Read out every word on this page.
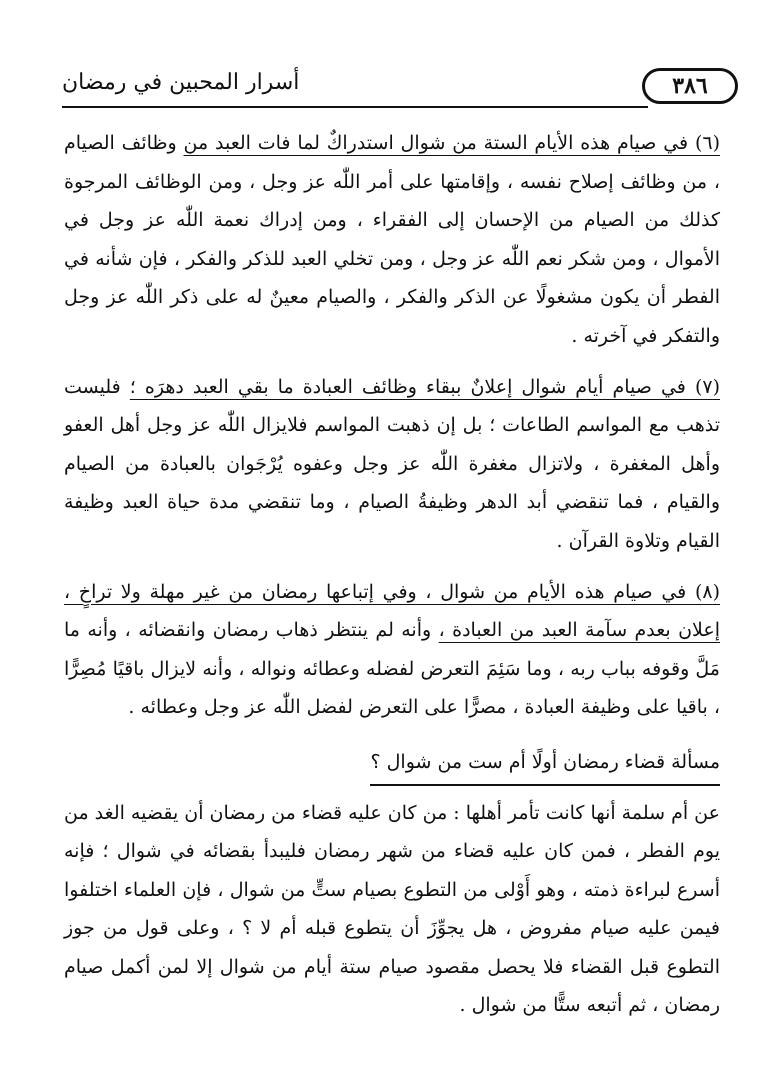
٣٨٦
أسرار المحبين في رمضان

(٦) في صيام هذه الأيام الستة من شوال استدراكٌ لما فات العبد من وظائف الصيام ، من وظائف إصلاح نفسه ، وإقامتها على أمر اللّٰه عز وجل ، ومن الوظائف المرجوة كذلك من الصيام من الإحسان إلى الفقراء ، ومن إدراك نعمة اللّٰه عز وجل في الأموال ، ومن شكر نعم اللّٰه عز وجل ، ومن تخلي العبد للذكر والفكر ، فإن شأنه في الفطر أن يكون مشغولًا عن الذكر والفكر ، والصيام معينٌ له على ذكر اللّٰه عز وجل والتفكر في آخرته .

(٧) في صيام أيام شوال إعلانٌ ببقاء وظائف العبادة ما بقي العبد دهرَه ؛ فليست تذهب مع المواسم الطاعات ؛ بل إن ذهبت المواسم فلايزال اللّٰه عز وجل أهل العفو وأهل المغفرة ، ولاتزال مغفرة اللّٰه عز وجل وعفوه يُرْجَوان بالعبادة من الصيام والقيام ، فما تنقضي أبد الدهر وظيفةُ الصيام ، وما تنقضي مدة حياة العبد وظيفة القيام وتلاوة القرآن .

(٨) في صيام هذه الأيام من شوال ، وفي إتباعها رمضان من غير مهلة ولا تراخٍ ، إعلان بعدم سآمة العبد من العبادة ، وأنه لم ينتظر ذهاب رمضان وانقضائه ، وأنه ما مَلَّ وقوفه بباب ربه ، وما سَئِمَ التعرض لفضله وعطائه ونواله ، وأنه لايزال باقيًا مُصِرًّا ، باقيا على وظيفة العبادة ، مصرًّا على التعرض لفضل اللّٰه عز وجل وعطائه .

مسألة قضاء رمضان أولًا أم ست من شوال ؟

عن أم سلمة أنها كانت تأمر أهلها : من كان عليه قضاء من رمضان أن يقضيه الغد من يوم الفطر ، فمن كان عليه قضاء من شهر رمضان فليبدأ بقضائه في شوال ؛ فإنه أسرع لبراءة ذمته ، وهو أَوْلى من التطوع بصيام ستٍّ من شوال ، فإن العلماء اختلفوا فيمن عليه صيام مفروض ، هل يجوِّزَ أن يتطوع قبله أم لا ؟ ، وعلى قول من جوز التطوع قبل القضاء فلا يحصل مقصود صيام ستة أيام من شوال إلا لمن أكمل صيام رمضان ، ثم أتبعه ستًّا من شوال .
